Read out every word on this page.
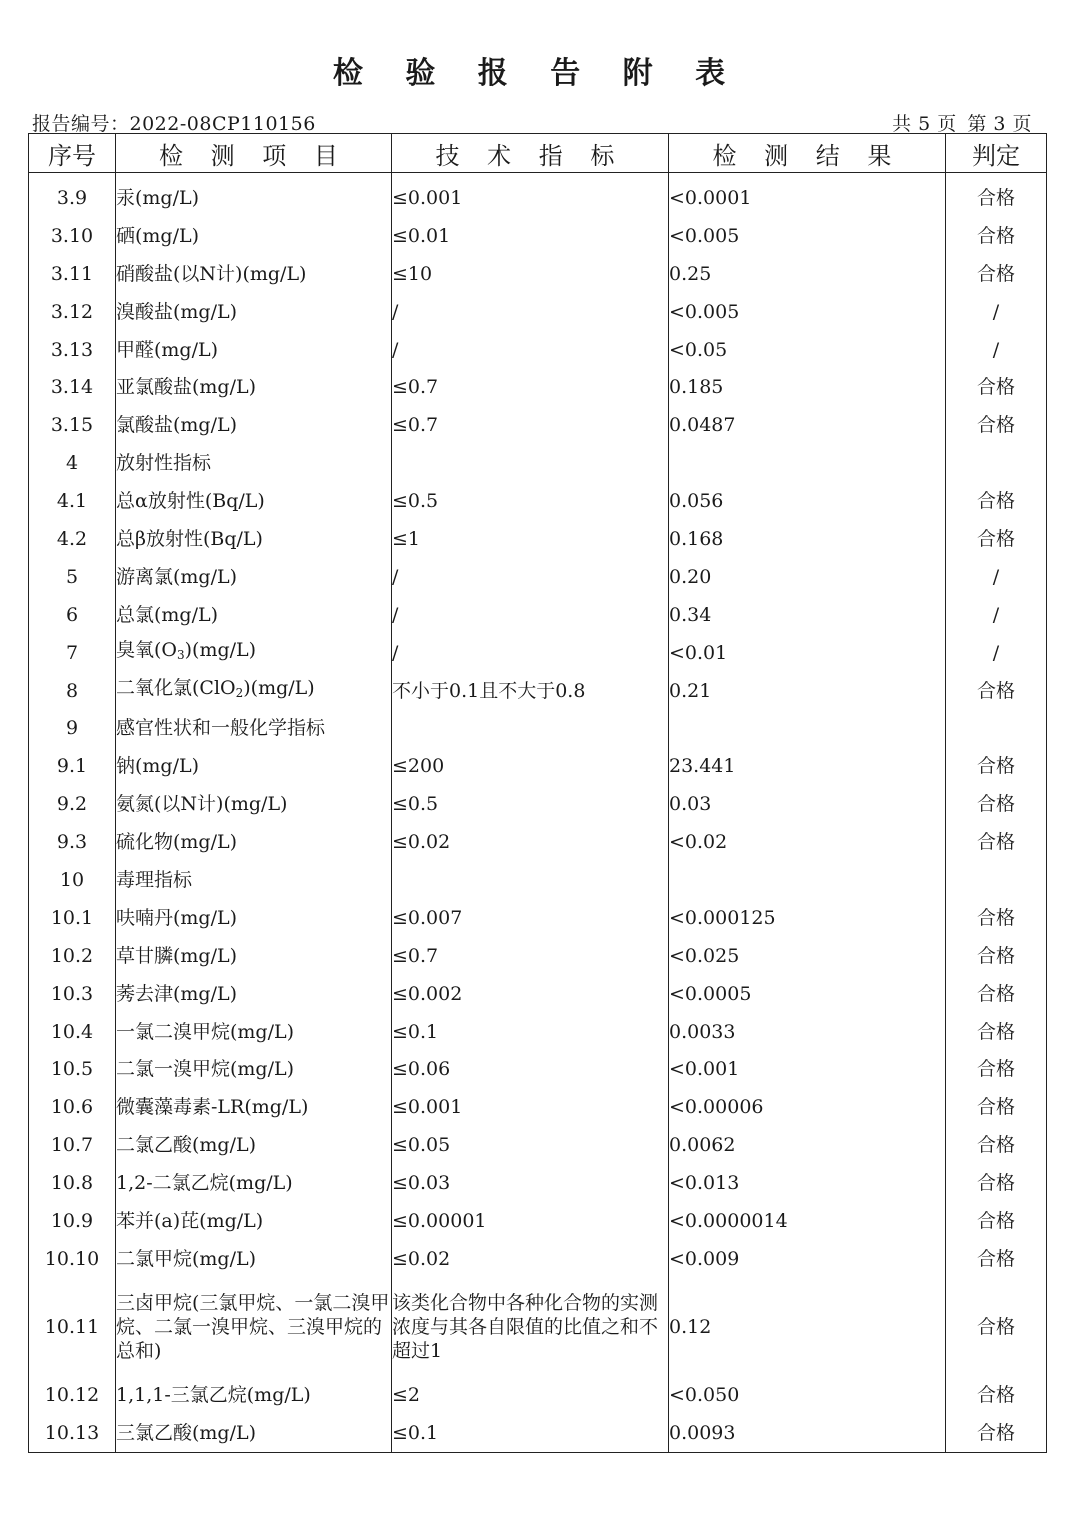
检 验 报 告 附 表
报告编号：2022-08CP110156	共 5 页 第 3 页
序号	检 测 项 目	技 术 指 标	检 测 结 果	判定

3.9	汞(mg/L)	≤0.001	<0.0001	合格
3.10	硒(mg/L)	≤0.01	<0.005	合格
3.11	硝酸盐(以N计)(mg/L)	≤10	0.25	合格
3.12	溴酸盐(mg/L)	/	<0.005	/
3.13	甲醛(mg/L)	/	<0.05	/
3.14	亚氯酸盐(mg/L)	≤0.7	0.185	合格
3.15	氯酸盐(mg/L)	≤0.7	0.0487	合格
4	放射性指标			
4.1	总α放射性(Bq/L)	≤0.5	0.056	合格
4.2	总β放射性(Bq/L)	≤1	0.168	合格
5	游离氯(mg/L)	/	0.20	/
6	总氯(mg/L)	/	0.34	/
7	臭氧$(O_3)(mg/L)$	/	<0.01	/
8	二氧化氯(ClO$_2$)(mg/L)	不小于0.1且不大于0.8	0.21	合格
9	感官性状和一般化学指标			
9.1	钠(mg/L)	≤200	23.441	合格
9.2	氨氮(以N计)(mg/L)	≤0.5	0.03	合格
9.3	硫化物(mg/L)	≤0.02	<0.02	合格
10	毒理指标			
10.1	呋喃丹(mg/L)	≤0.007	<0.000125	合格
10.2	草甘膦(mg/L)	≤0.7	<0.025	合格
10.3	莠去津(mg/L)	≤0.002	<0.0005	合格
10.4	一氯二溴甲烷(mg/L)	≤0.1	0.0033	合格
10.5	二氯一溴甲烷(mg/L)	≤0.06	<0.001	合格
10.6	微囊藻毒素-LR(mg/L)	≤0.001	<0.00006	合格
10.7	二氯乙酸(mg/L)	≤0.05	0.0062	合格
10.8	1,2-二氯乙烷(mg/L)	≤0.03	<0.013	合格
10.9	苯并(a)芘(mg/L)	≤0.00001	<0.0000014	合格
10.10	二氯甲烷(mg/L)	≤0.02	<0.009	合格
10.11	三卤甲烷(三氯甲烷、一氯二溴甲烷、二氯一溴甲烷、三溴甲烷的总和)	该类化合物中各种化合物的实测浓度与其各自限值的比值之和不超过1	0.12	合格
10.12	1,1,1-三氯乙烷(mg/L)	≤2	<0.050	合格
10.13	三氯乙酸(mg/L)	≤0.1	0.0093	合格
